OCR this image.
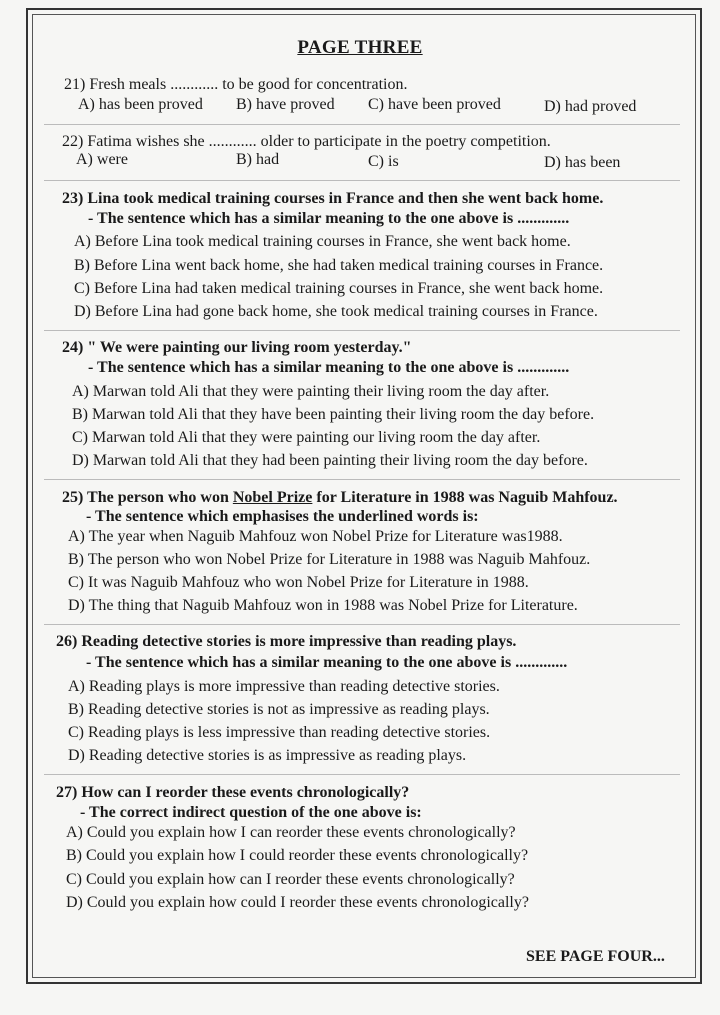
PAGE THREE
21) Fresh meals ............ to be good for concentration.
A) has been proved B) have proved C) have been proved	D) had proved
22) Fatima wishes she ............ older to participate in the poetry competition.
A) were	B) had	C) is	D) has been
23) Lina took medical training courses in France and then she went back home.
- The sentence which has a similar meaning to the one above is .............
A) Before Lina took medical training courses in France, she went back home.
B) Before Lina went back home, she had taken medical training courses in France.
C) Before Lina had taken medical training courses in France, she went back home.
D) Before Lina had gone back home, she took medical training courses in France.
24) " We were painting our living room yesterday."
- The sentence which has a similar meaning to the one above is .............
A) Marwan told Ali that they were painting their living room the day after.
B) Marwan told Ali that they have been painting their living room the day before.
C) Marwan told Ali that they were painting our living room the day after.
D) Marwan told Ali that they had been painting their living room the day before.
25) The person who won Nobel Prize for Literature in 1988 was Naguib Mahfouz.
- The sentence which emphasises the underlined words is:
A) The year when Naguib Mahfouz won Nobel Prize for Literature was1988.
B) The person who won Nobel Prize for Literature in 1988 was Naguib Mahfouz.
C) It was Naguib Mahfouz who won Nobel Prize for Literature in 1988.
D) The thing that Naguib Mahfouz won in 1988 was Nobel Prize for Literature.
26) Reading detective stories is more impressive than reading plays.
- The sentence which has a similar meaning to the one above is .............
A) Reading plays is more impressive than reading detective stories.
B) Reading detective stories is not as impressive as reading plays.
C) Reading plays is less impressive than reading detective stories.
D) Reading detective stories is as impressive as reading plays.
27) How can I reorder these events chronologically?
- The correct indirect question of the one above is:
A) Could you explain how I can reorder these events chronologically?
B) Could you explain how I could reorder these events chronologically?
C) Could you explain how can I reorder these events chronologically?
D) Could you explain how could I reorder these events chronologically?
SEE PAGE FOUR...
